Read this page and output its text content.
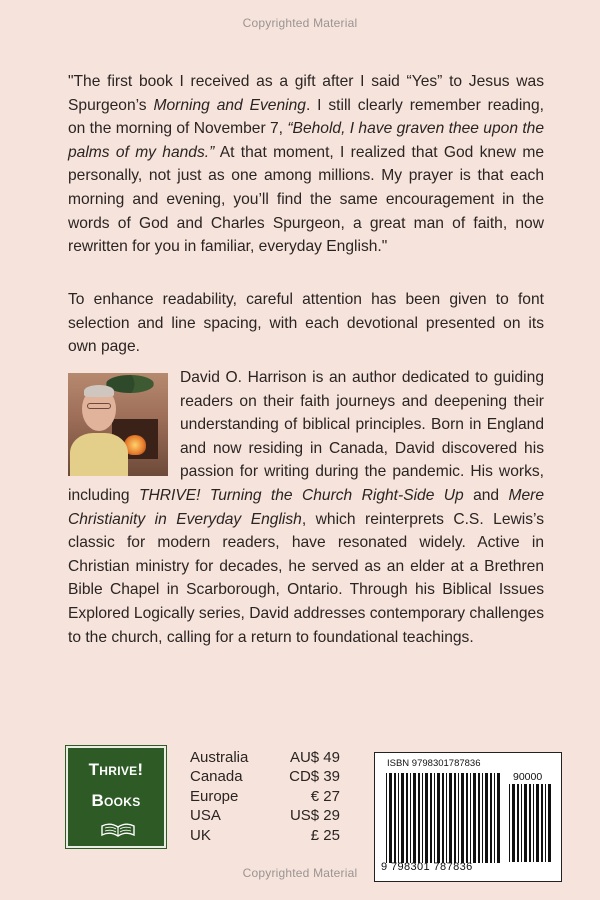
Copyrighted Material

"The first book I received as a gift after I said “Yes” to Jesus was Spurgeon’s Morning and Evening. I still clearly remember reading, on the morning of November 7, “Behold, I have graven thee upon the palms of my hands.” At that moment, I realized that God knew me personally, not just as one among millions. My prayer is that each morning and evening, you’ll find the same encouragement in the words of God and Charles Spurgeon, a great man of faith, now rewritten for you in familiar, everyday English."

To enhance readability, careful attention has been given to font selection and line spacing, with each devotional presented on its own page.

David O. Harrison is an author dedicated to guiding readers on their faith journeys and deepening their understanding of biblical principles. Born in England and now residing in Canada, David discovered his passion for writing during the pandemic. His works, including THRIVE! Turning the Church Right-Side Up and Mere Christianity in Everyday English, which reinterprets C.S. Lewis’s classic for modern readers, have resonated widely. Active in Christian ministry for decades, he served as an elder at a Brethren Bible Chapel in Scarborough, Ontario. Through his Biblical Issues Explored Logically series, David addresses contemporary challenges to the church, calling for a return to foundational teachings.

Thrive!
Books
Australia	AU$ 49
Canada	CD$ 39
Europe	€ 27
USA	US$ 29
UK	£ 25
ISBN 9798301787836
90000
9 798301 787836
Copyrighted Material
